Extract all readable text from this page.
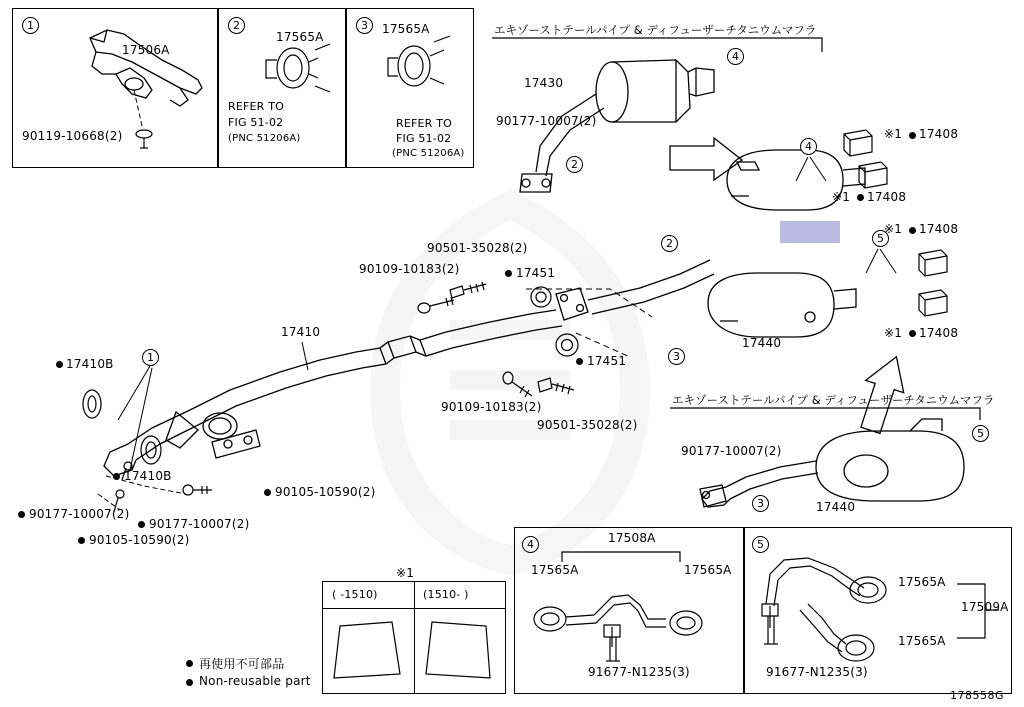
1	2	3
17506A
90119-10668(2)
17565A
REFER TO
FIG 51-02
(PNC 51206A)
17565A
REFER TO
FIG 51-02
(PNC 51206A)
エキゾーストテールパイプ & ディフューザーチタニウムマフラ
17430
4
90177-10007(2)
2
4
※1 17408
※1 17408
5
17440
※1 17408
※1 17408
17410
1
2
3
17410B
17410B
17451
17451
90501-35028(2)
90109-10183(2)
90501-35028(2)
90109-10183(2)
90105-10590(2)
90177-10007(2)
90177-10007(2)
90105-10590(2)
エキゾーストテールパイプ & ディフューザーチタニウムマフラ
5
90177-10007(2)
3	17440
※1
( -1510)	(1510- )
再使用不可部品
Non-reusable part
4	17508A
17565A	17565A
91677-N1235(3)
5
17565A
17565A
17509A
91677-N1235(3)
178558G
